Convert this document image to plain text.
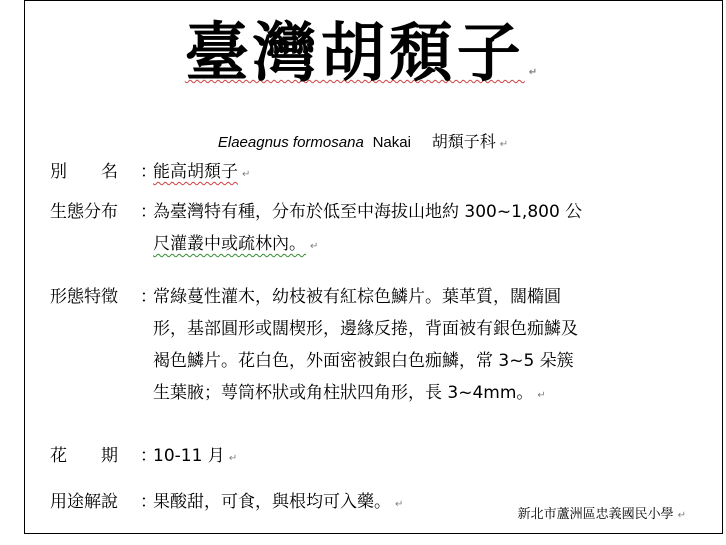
臺灣胡頹子 ↵
Elaeagnus formosana Nakai 胡頹子科 ↵
別　　名 ：
能高胡頹子 ↵
生態分布 ：
為臺灣特有種，分布於低至中海拔山地約 300~1,800 公
尺灌叢中或疏林內。 ↵
形態特徵 ：
常綠蔓性灌木，幼枝被有紅棕色鱗片。葉革質，闊橢圓
形，基部圓形或闊楔形，邊緣反捲，背面被有銀色痂鱗及
褐色鱗片。花白色，外面密被銀白色痂鱗，常 3~5 朵簇
生葉腋；萼筒杯狀或角柱狀四角形，長 3~4mm。 ↵
花　　期 ：
10-11 月 ↵
用途解說 ：
果酸甜，可食，與根均可入藥。 ↵
新北市蘆洲區忠義國民小學 ↵
